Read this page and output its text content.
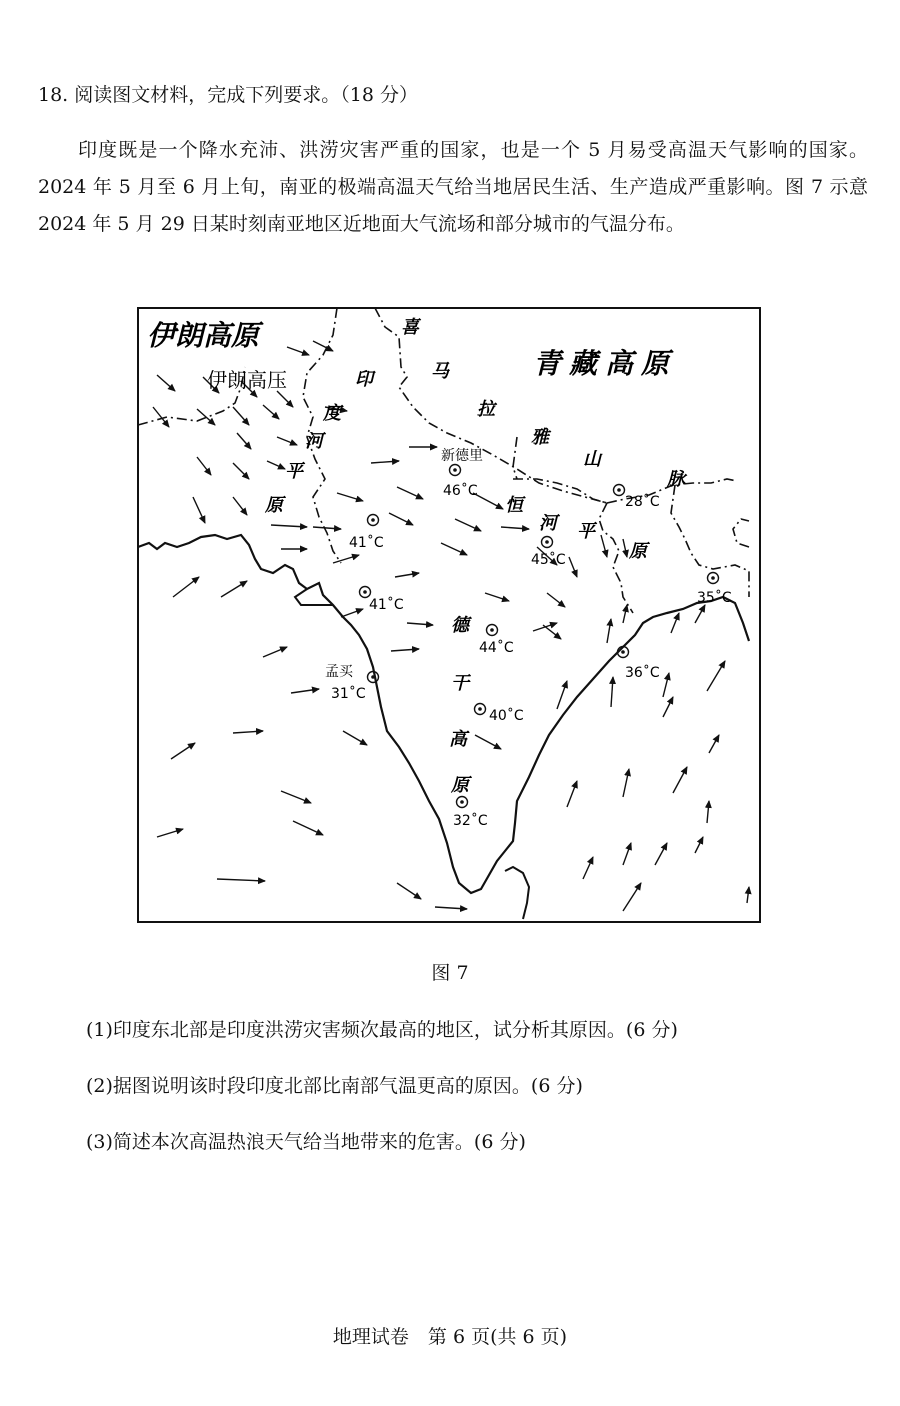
18. 阅读图文材料，完成下列要求。（18 分）
印度既是一个降水充沛、洪涝灾害严重的国家，也是一个 5 月易受高温天气影响的国家。2024 年 5 月至 6 月上旬，南亚的极端高温天气给当地居民生活、生产造成严重影响。图 7 示意 2024 年 5 月 29 日某时刻南亚地区近地面大气流场和部分城市的气温分布。
伊朗高原
伊朗高压	青藏高原
印
度
河
平
原
喜
马
拉
雅
山
脉
恒
河 平
原
德
干
高
原
新德里
46˚C
28˚C
41˚C
45˚C
35˚C
41˚C
44˚C
36˚C
孟买
31˚C
40˚C
32˚C
图 7
(1)印度东北部是印度洪涝灾害频次最高的地区，试分析其原因。(6 分)
(2)据图说明该时段印度北部比南部气温更高的原因。(6 分)
(3)简述本次高温热浪天气给当地带来的危害。(6 分)
地理试卷　第 6 页(共 6 页)
